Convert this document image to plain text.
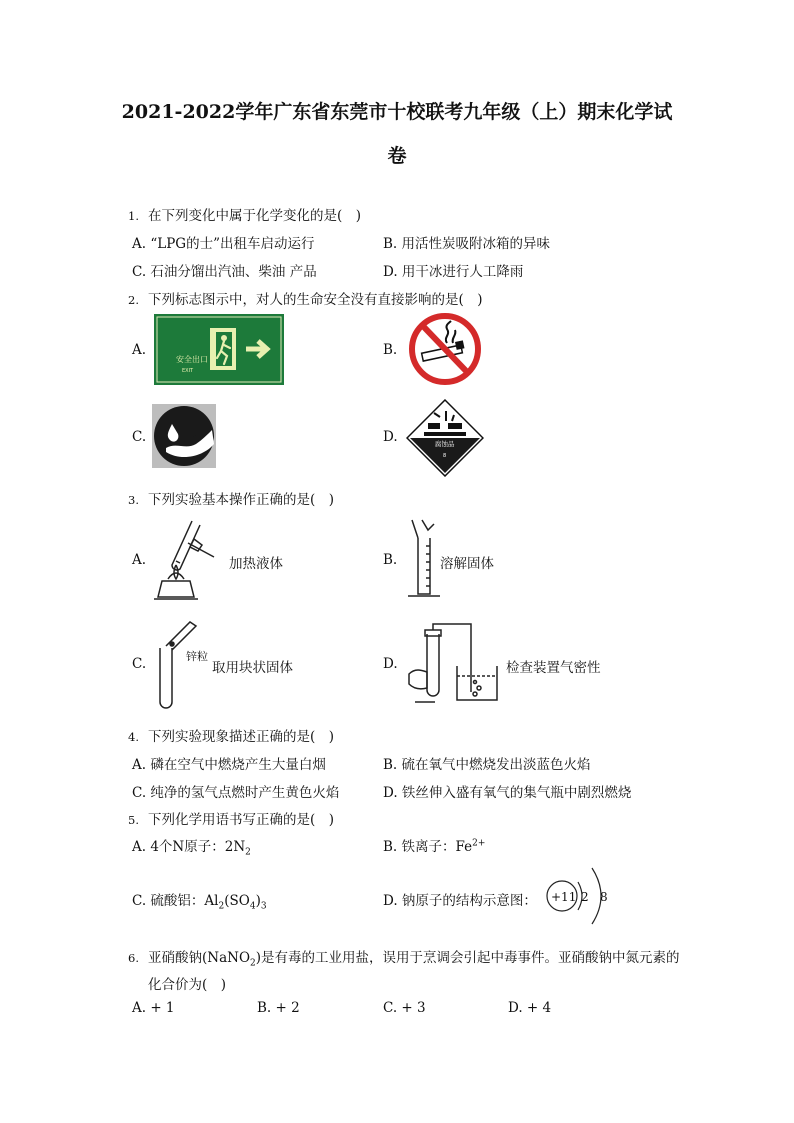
2021-2022学年广东省东莞市十校联考九年级（上）期末化学试
卷
1. 在下列变化中属于化学变化的是(　)
A. “LPG的士”出租车启动运行	B. 用活性炭吸附冰箱的异味
C. 石油分馏出汽油、柴油 产品	D. 用干冰进行人工降雨
2. 下列标志图示中，对人的生命安全没有直接影响的是(　)
A.	B.
C.	D.
安全出口
EXIT
腐蚀品
8
3. 下列实验基本操作正确的是(　)
A.	B.
C.	D.
加热液体	溶解固体
锌粒
取用块状固体	检查装置气密性
4. 下列实验现象描述正确的是(　)
A. 磷在空气中燃烧产生大量白烟	B. 硫在氧气中燃烧发出淡蓝色火焰
C. 纯净的氢气点燃时产生黄色火焰	D. 铁丝伸入盛有氧气的集气瓶中剧烈燃烧
5. 下列化学用语书写正确的是(　)
A. 4个N原子：$2N_2$	B. 铁离子：$Fe^{2+}$
C. 硫酸铝：$Al_2(SO_4)_3$	D. 钠原子的结构示意图： +11 2 8
6. 亚硝酸钠(NaNO$_2$)是有毒的工业用盐，误用于烹调会引起中毒事件。亚硝酸钠中氮元素的
化合价为(　)
A. + 1	B. + 2	C. + 3	D. + 4
